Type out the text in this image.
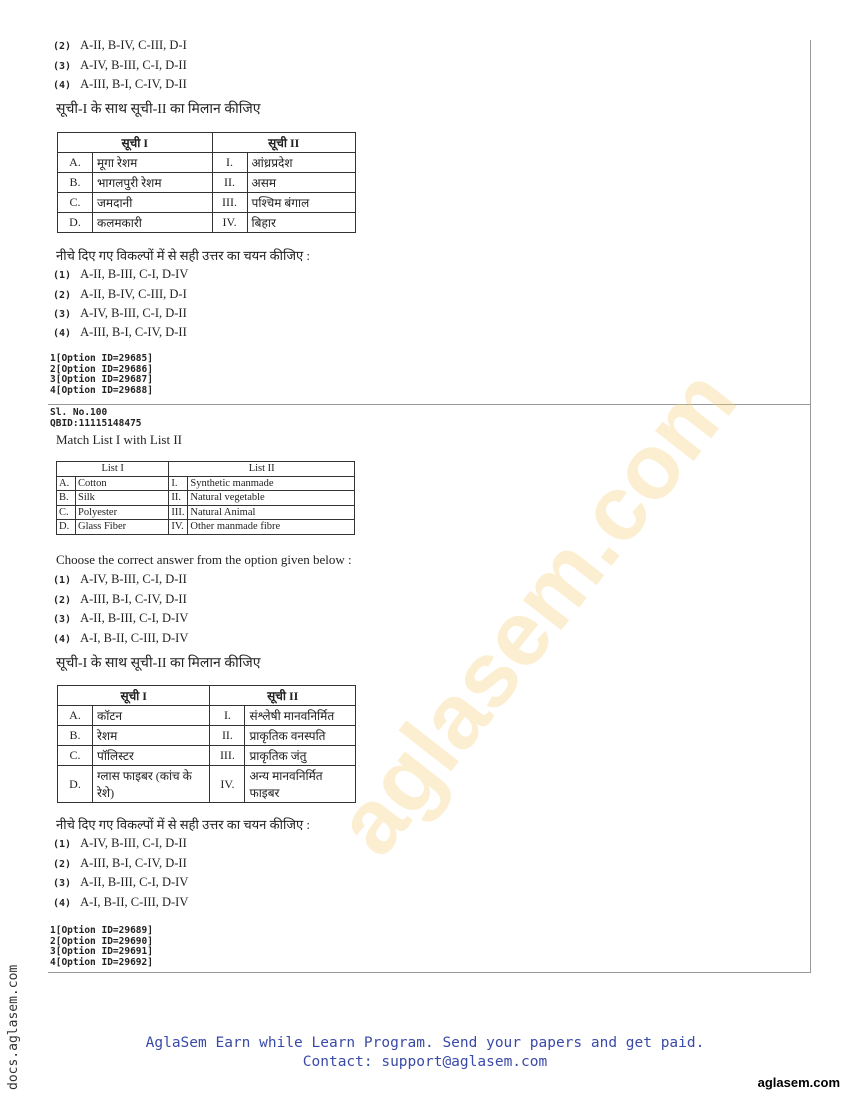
(2) A-II, B-IV, C-III, D-I
(3) A-IV, B-III, C-I, D-II
(4) A-III, B-I, C-IV, D-II
सूची-I के साथ सूची-II का मिलान कीजिए
सूची I		सूची II	
A.	मूगा रेशम	I.	आंध्रप्रदेश
B.	भागलपुरी रेशम	II.	असम
C.	जमदानी	III.	पश्चिम बंगाल
D.	कलमकारी	IV.	बिहार
नीचे दिए गए विकल्पों में से सही उत्तर का चयन कीजिए :
(1) A-II, B-III, C-I, D-IV
(2) A-II, B-IV, C-III, D-I
(3) A-IV, B-III, C-I, D-II
(4) A-III, B-I, C-IV, D-II
1[Option ID=29685]
2[Option ID=29686]
3[Option ID=29687]
4[Option ID=29688]
Sl. No.100
QBID:11115148475
Match List I with List II
List I		List II	
A.	Cotton	I.	Synthetic manmade
B.	Silk	II.	Natural vegetable
C.	Polyester	III.	Natural Animal
D.	Glass Fiber	IV.	Other manmade fibre
Choose the correct answer from the option given below :
(1) A-IV, B-III, C-I, D-II
(2) A-III, B-I, C-IV, D-II
(3) A-II, B-III, C-I, D-IV
(4) A-I, B-II, C-III, D-IV
सूची-I के साथ सूची-II का मिलान कीजिए
सूची I		सूची II	
A.	कॉटन	I.	संश्लेषी मानवनिर्मित
B.	रेशम	II.	प्राकृतिक वनस्पति
C.	पॉलिस्टर	III.	प्राकृतिक जंतु
D.	ग्लास फाइबर (कांच के रेशे)	IV.	अन्य मानवनिर्मित फाइबर
नीचे दिए गए विकल्पों में से सही उत्तर का चयन कीजिए :
(1) A-IV, B-III, C-I, D-II
(2) A-III, B-I, C-IV, D-II
(3) A-II, B-III, C-I, D-IV
(4) A-I, B-II, C-III, D-IV
1[Option ID=29689]
2[Option ID=29690]
3[Option ID=29691]
4[Option ID=29692]
aglasem.com
docs.aglasem.com	AglaSem Earn while Learn Program. Send your papers and get paid.
Contact: support@aglasem.com
aglasem.com
